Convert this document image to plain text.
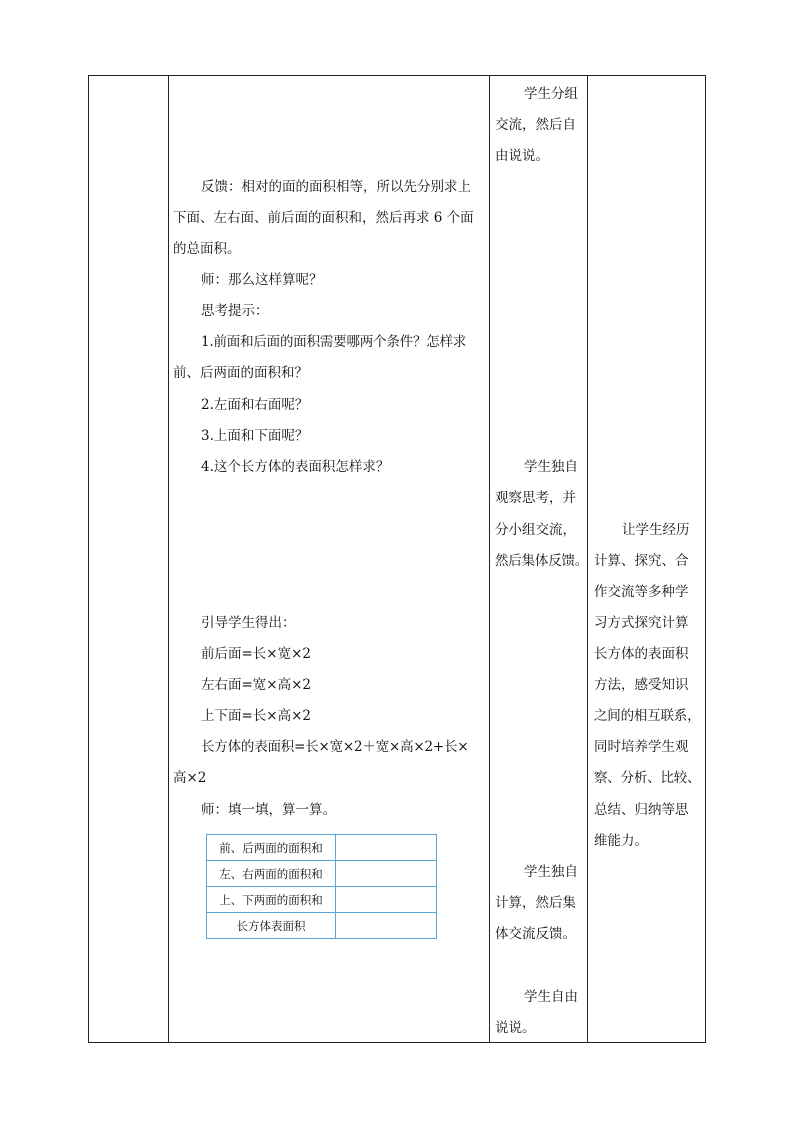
反馈：相对的面的面积相等，所以先分别求上
下面、左右面、前后面的面积和，然后再求 6 个面
的总面积。
师：那么这样算呢？
思考提示：
1.前面和后面的面积需要哪两个条件？怎样求
前、后两面的面积和？
2.左面和右面呢？
3.上面和下面呢？
4.这个长方体的表面积怎样求？
引导学生得出：
前后面=长×宽×2
左右面=宽×高×2
上下面=长×高×2
长方体的表面积=长×宽×2＋宽×高×2+长×
高×2
师：填一填，算一算。
前、后两面的面积和	
左、右两面的面积和	
上、下两面的面积和	
长方体表面积	
学生分组
交流，然后自
由说说。
学生独自
观察思考，并
分小组交流，
然后集体反馈。
学生独自
计算，然后集
体交流反馈。
学生自由
说说。
让学生经历
计算、探究、合
作交流等多种学
习方式探究计算
长方体的表面积
方法，感受知识
之间的相互联系，
同时培养学生观
察、分析、比较、
总结、归纳等思
维能力。
